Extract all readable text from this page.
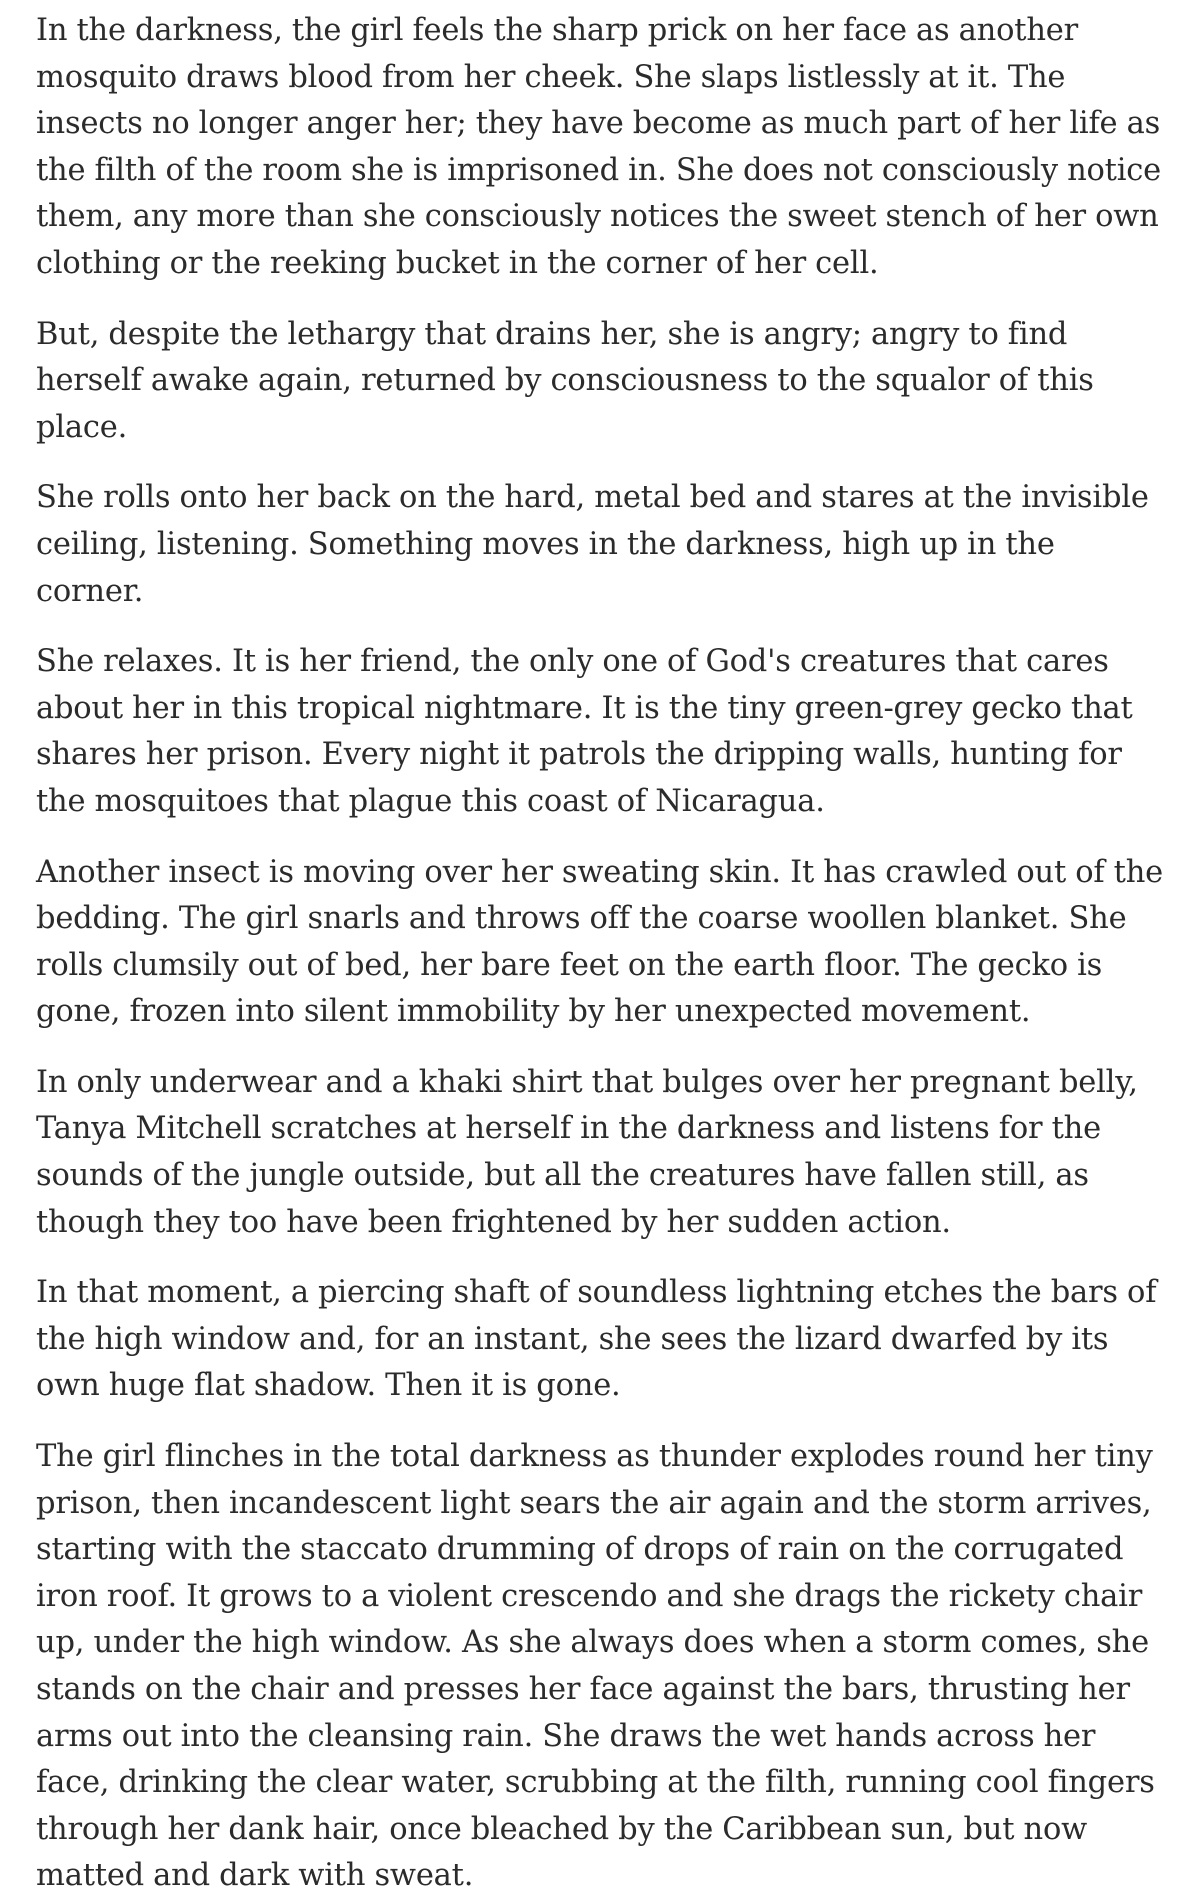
In the darkness, the girl feels the sharp prick on her face as another mosquito draws blood from her cheek. She slaps listlessly at it. The insects no longer anger her; they have become as much part of her life as the filth of the room she is imprisoned in. She does not consciously notice them, any more than she consciously notices the sweet stench of her own clothing or the reeking bucket in the corner of her cell.

But, despite the lethargy that drains her, she is angry; angry to find herself awake again, returned by consciousness to the squalor of this place.

She rolls onto her back on the hard, metal bed and stares at the invisible ceiling, listening. Something moves in the darkness, high up in the corner.

She relaxes. It is her friend, the only one of God's creatures that cares about her in this tropical nightmare. It is the tiny green-grey gecko that shares her prison. Every night it patrols the dripping walls, hunting for the mosquitoes that plague this coast of Nicaragua.

Another insect is moving over her sweating skin. It has crawled out of the bedding. The girl snarls and throws off the coarse woollen blanket. She rolls clumsily out of bed, her bare feet on the earth floor. The gecko is gone, frozen into silent immobility by her unexpected movement.

In only underwear and a khaki shirt that bulges over her pregnant belly, Tanya Mitchell scratches at herself in the darkness and listens for the sounds of the jungle outside, but all the creatures have fallen still, as though they too have been frightened by her sudden action.

In that moment, a piercing shaft of soundless lightning etches the bars of the high window and, for an instant, she sees the lizard dwarfed by its own huge flat shadow. Then it is gone.

The girl flinches in the total darkness as thunder explodes round her tiny prison, then incandescent light sears the air again and the storm arrives, starting with the staccato drumming of drops of rain on the corrugated iron roof. It grows to a violent crescendo and she drags the rickety chair up, under the high window. As she always does when a storm comes, she stands on the chair and presses her face against the bars, thrusting her arms out into the cleansing rain. She draws the wet hands across her face, drinking the clear water, scrubbing at the filth, running cool fingers through her dank hair, once bleached by the Caribbean sun, but now matted and dark with sweat.
